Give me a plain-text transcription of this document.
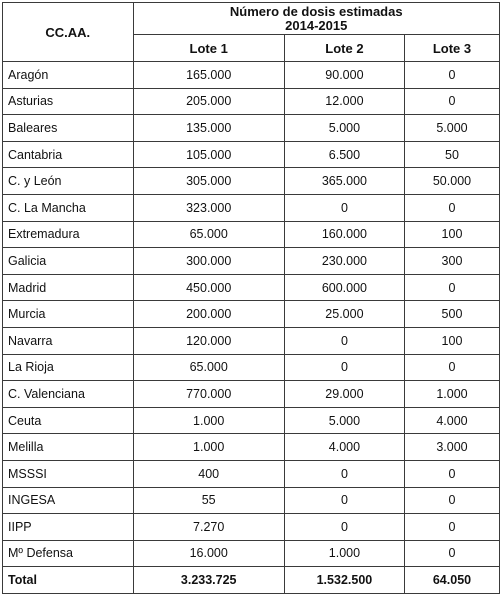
CC.AA.	Número de dosis estimadas
2014-2015		

	Lote 1	Lote 2	Lote 3
Aragón	165.000	90.000	0
Asturias	205.000	12.000	0
Baleares	135.000	5.000	5.000
Cantabria	105.000	6.500	50
C. y León	305.000	365.000	50.000
C. La Mancha	323.000	0	0
Extremadura	65.000	160.000	100
Galicia	300.000	230.000	300
Madrid	450.000	600.000	0
Murcia	200.000	25.000	500
Navarra	120.000	0	100
La Rioja	65.000	0	0
C. Valenciana	770.000	29.000	1.000
Ceuta	1.000	5.000	4.000
Melilla	1.000	4.000	3.000
MSSSI	400	0	0
INGESA	55	0	0
IIPP	7.270	0	0
Mº Defensa	16.000	1.000	0
Total	3.233.725	1.532.500	64.050
